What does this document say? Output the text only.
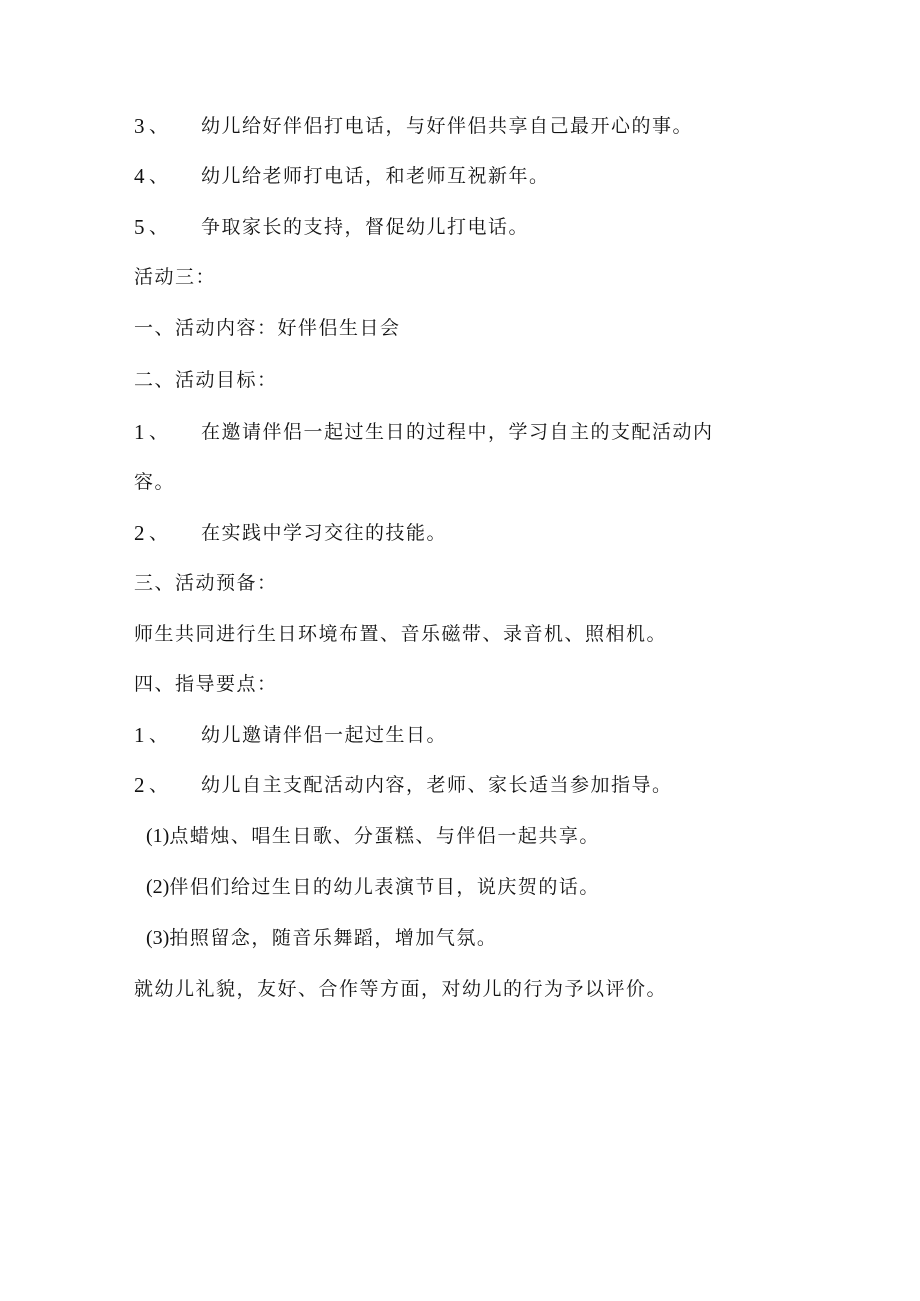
3 、 幼儿给好伴侣打电话，与好伴侣共享自己最开心的事。
4 、 幼儿给老师打电话，和老师互祝新年。
5 、 争取家长的支持，督促幼儿打电话。
活动三：
一、活动内容：好伴侣生日会
二、活动目标：
1 、 在邀请伴侣一起过生日的过程中，学习自主的支配活动内
容。
2 、 在实践中学习交往的技能。
三、活动预备：
师生共同进行生日环境布置、音乐磁带、录音机、照相机。
四、指导要点：
1 、 幼儿邀请伴侣一起过生日。
2 、 幼儿自主支配活动内容，老师、家长适当参加指导。
(1)点蜡烛、唱生日歌、分蛋糕、与伴侣一起共享。
(2)伴侣们给过生日的幼儿表演节目，说庆贺的话。
(3)拍照留念，随音乐舞蹈，增加气氛。
就幼儿礼貌，友好、合作等方面，对幼儿的行为予以评价。
